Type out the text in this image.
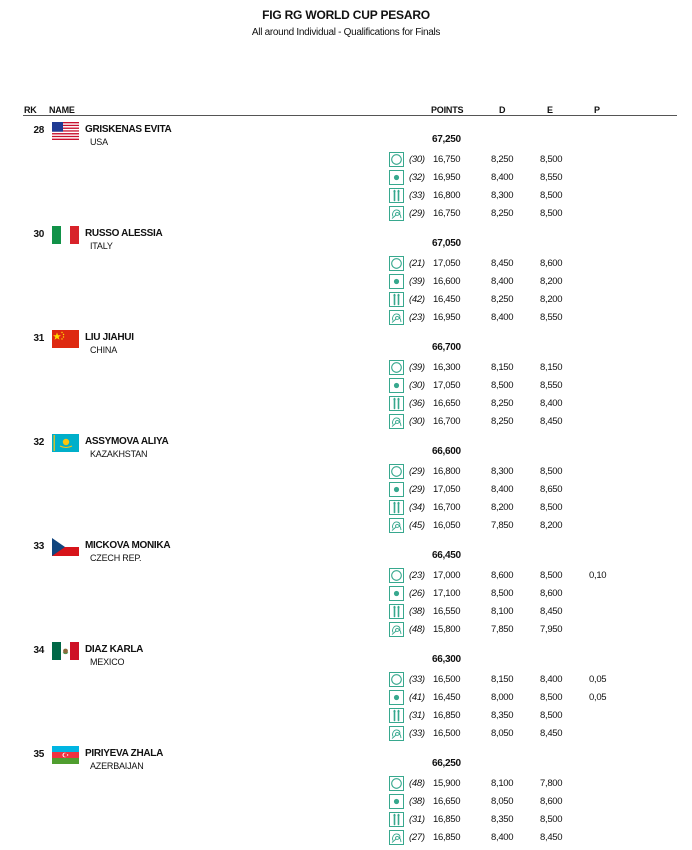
FIG RG WORLD CUP PESARO
All around Individual - Qualifications for Finals
RK NAME	POINTS	D	E	P
28	GRISKENAS EVITA
USA	67,250
(30) 16,750	8,250	8,500
(32) 16,950	8,400	8,550
(33) 16,800	8,300	8,500
(29) 16,750	8,250	8,500
30	RUSSO ALESSIA
ITALY	67,050
(21) 17,050	8,450	8,600
(39) 16,600	8,400	8,200
(42) 16,450	8,250	8,200
(23) 16,950	8,400	8,550
31	LIU JIAHUI
CHINA	66,700
(39) 16,300	8,150	8,150
(30) 17,050	8,500	8,550
(36) 16,650	8,250	8,400
(30) 16,700	8,250	8,450
32	ASSYMOVA ALIYA
KAZAKHSTAN	66,600
(29) 16,800	8,300	8,500
(29) 17,050	8,400	8,650
(34) 16,700	8,200	8,500
(45) 16,050	7,850	8,200
33	MICKOVA MONIKA
CZECH REP.	66,450
(23) 17,000	8,600	8,500	0,10
(26) 17,100	8,500	8,600
(38) 16,550	8,100	8,450
(48) 15,800	7,850	7,950
34	DIAZ KARLA
MEXICO	66,300
(33) 16,500	8,150	8,400	0,05
(41) 16,450	8,000	8,500	0,05
(31) 16,850	8,350	8,500
(33) 16,500	8,050	8,450
35	PIRIYEVA ZHALA
AZERBAIJAN	66,250
(48) 15,900	8,100	7,800
(38) 16,650	8,050	8,600
(31) 16,850	8,350	8,500
(27) 16,850	8,400	8,450
